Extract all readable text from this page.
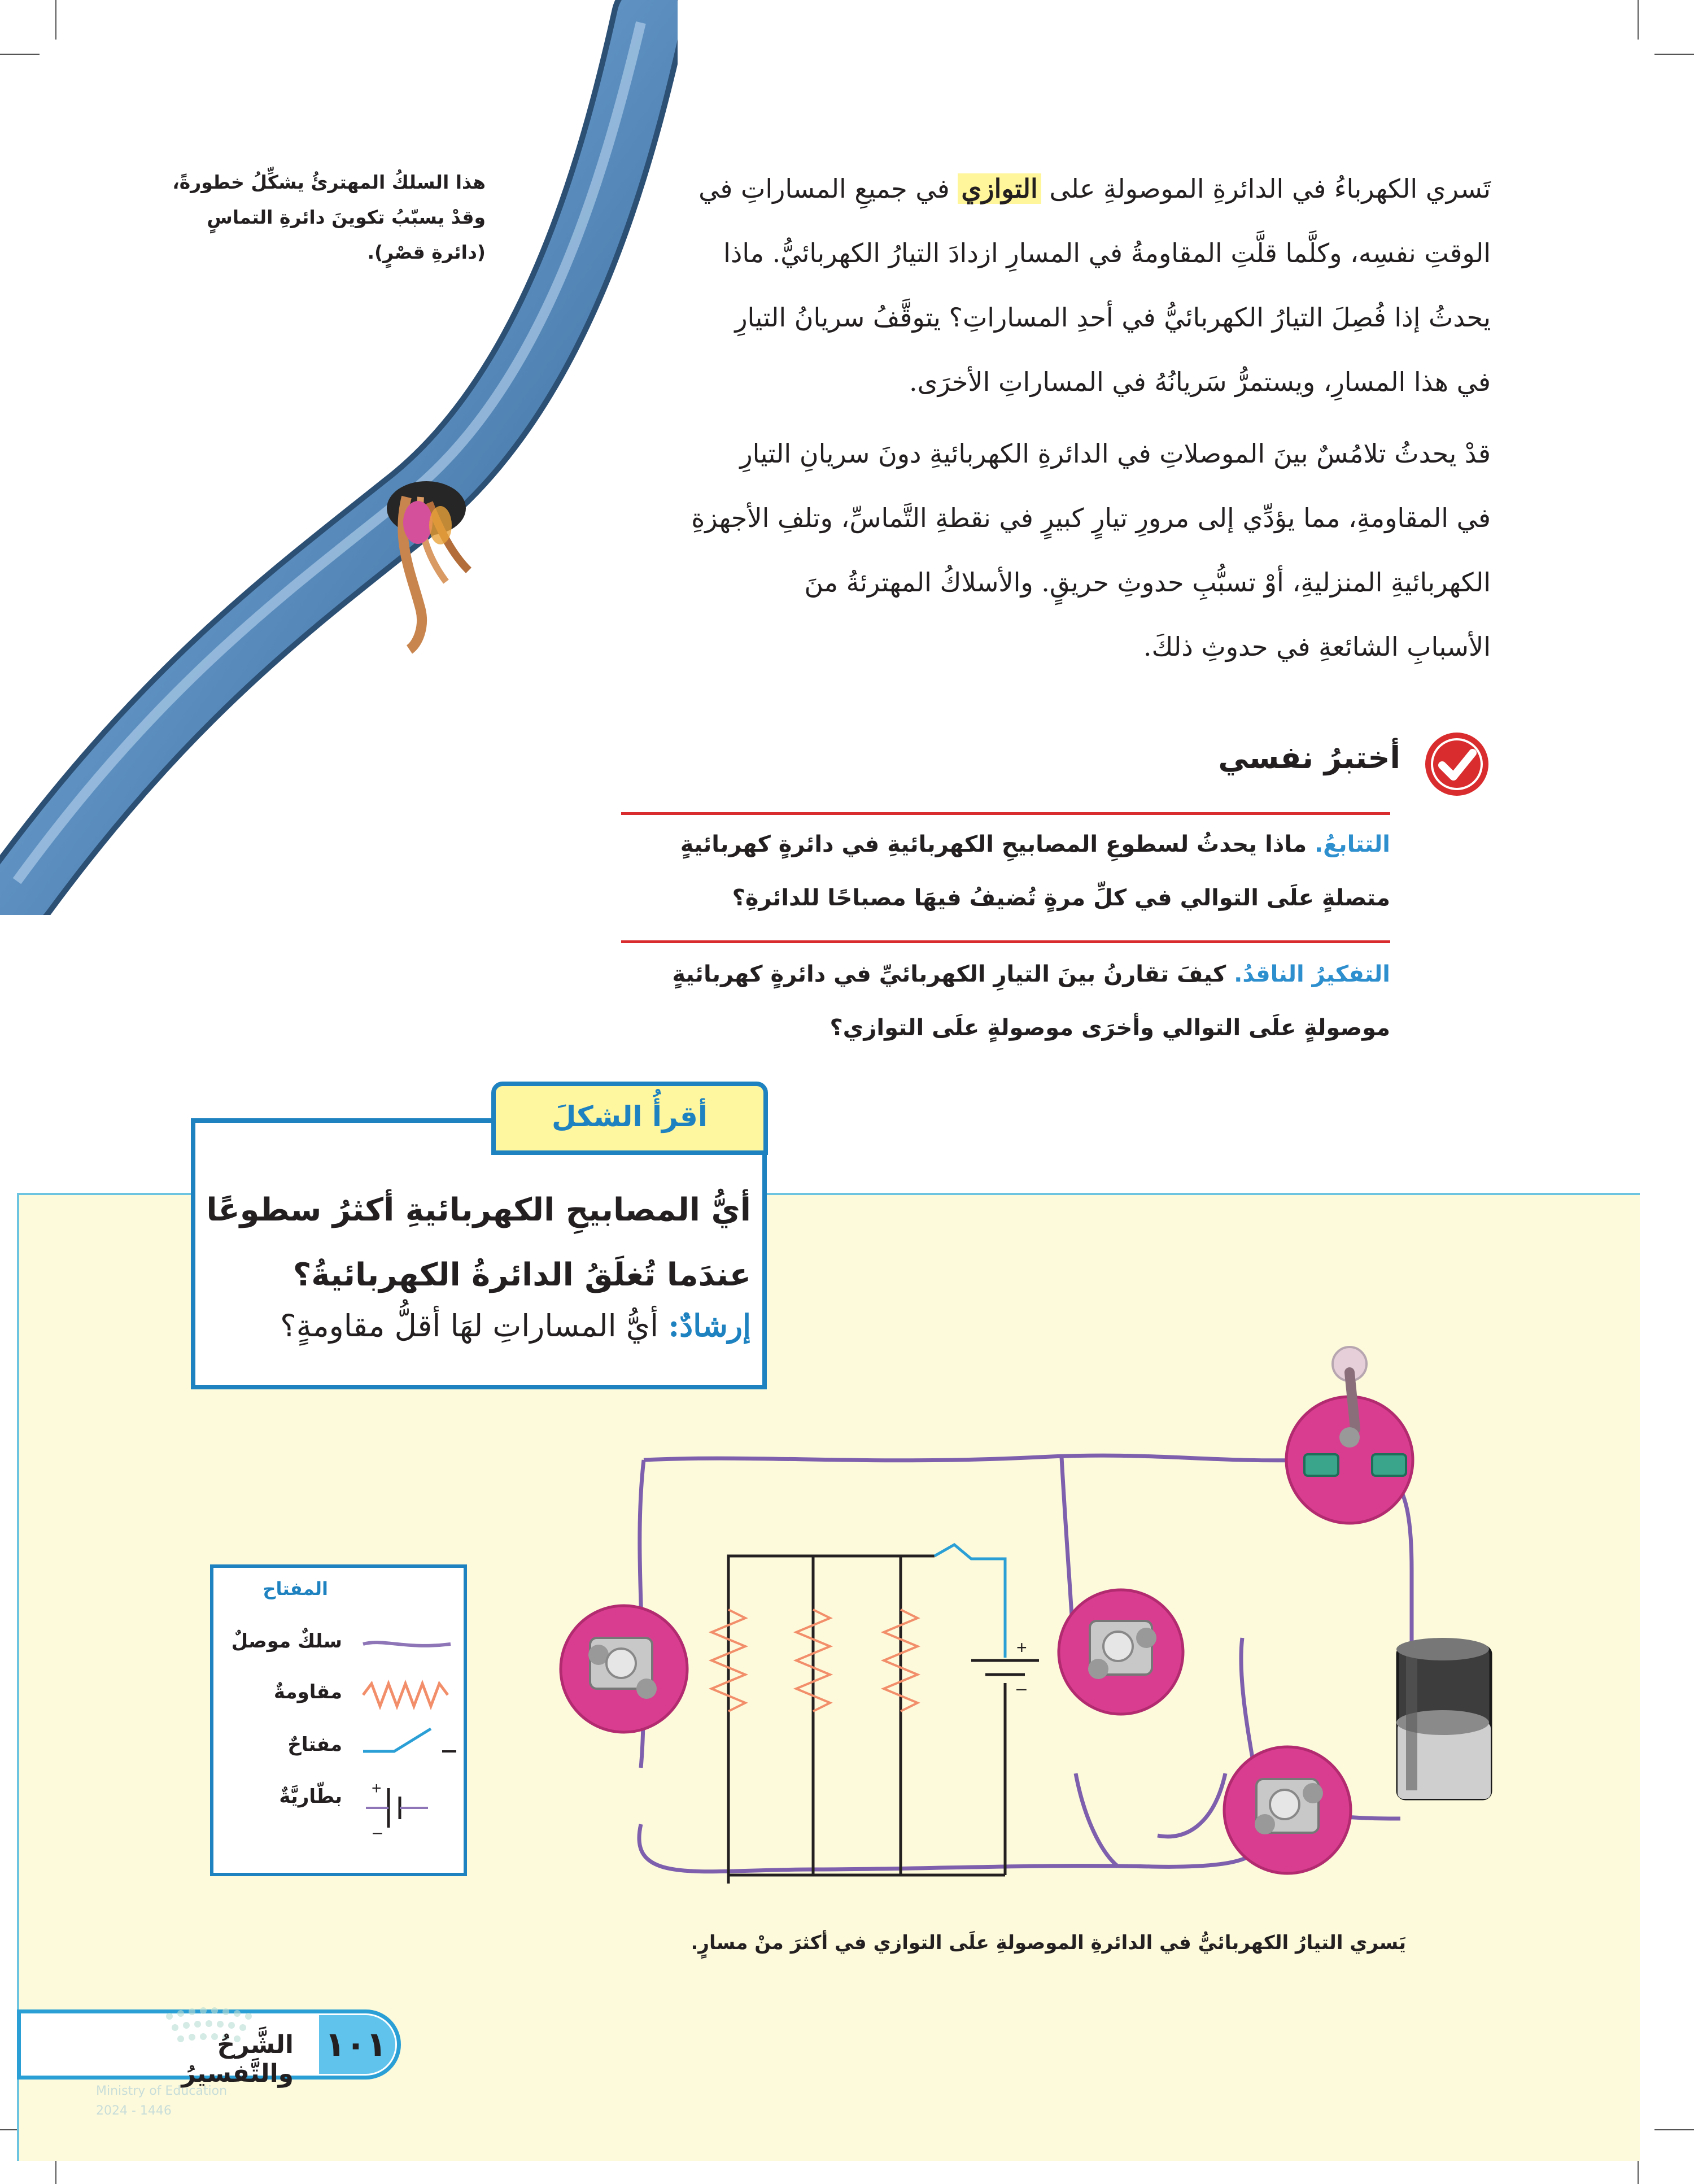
هذا السلكُ المهترئُ يشكِّلُ خطورةً،
وقدْ يسبّبُ تكوينَ دائرةِ التماسٍ
(دائرةِ قصْرٍ).
تَسري الكهرباءُ في الدائرةِ الموصولةِ على التوازي في جميعِ المساراتِ في
الوقتِ نفسِه، وكلَّما قلَّتِ المقاومةُ في المسارِ ازدادَ التيارُ الكهربائيُّ. ماذا
يحدثُ إذا فُصِلَ التيارُ الكهربائيُّ في أحدِ المساراتِ؟ يتوقَّفُ سريانُ التيارِ
في هذا المسارِ، ويستمرُّ سَريانُهُ في المساراتِ الأخرَى.
قدْ يحدثُ تلامُسٌ بينَ الموصلاتِ في الدائرةِ الكهربائيةِ دونَ سريانِ التيارِ
في المقاومةِ، مما يؤدِّي إلى مرورِ تيارٍ كبيرٍ في نقطةِ التَّماسِّ، وتلفِ الأجهزةِ
الكهربائيةِ المنزليةِ، أوْ تسبُّبِ حدوثِ حريقٍ. والأسلاكُ المهترئةُ منَ
الأسبابِ الشائعةِ في حدوثِ ذلكَ.
أختبرُ نفسي
التتابعُ. ماذا يحدثُ لسطوعِ المصابيحِ الكهربائيةِ في دائرةٍ كهربائيةٍ
متصلةٍ علَى التوالي في كلِّ مرةٍ تُضيفُ فيهَا مصباحًا للدائرةِ؟
التفكيرُ الناقدُ. كيفَ تقارنُ بينَ التيارِ الكهربائيِّ في دائرةٍ كهربائيةٍ
موصولةٍ علَى التوالي وأخرَى موصولةٍ علَى التوازي؟
أقرأُ الشكلَ
أيُّ المصابيحِ الكهربائيةِ أكثرُ سطوعًا
عندَما تُغلَقُ الدائرةُ الكهربائيةُ؟
إرشادٌ: أيُّ المساراتِ لهَا أقلُّ مقاومةٍ؟
+
–
المفتاح
سلكٌ موصلٌ
مقاومةٌ
مفتاحٌ
بطّاريَّةٌ
+
–
يَسري التيارُ الكهربائيُّ في الدائرةِ الموصولةِ علَى التوازي في أكثرَ منْ مسارٍ.
١٠١
الشَّرحُ والتَّفسيرُ
Ministry of Education
2024 - 1446
